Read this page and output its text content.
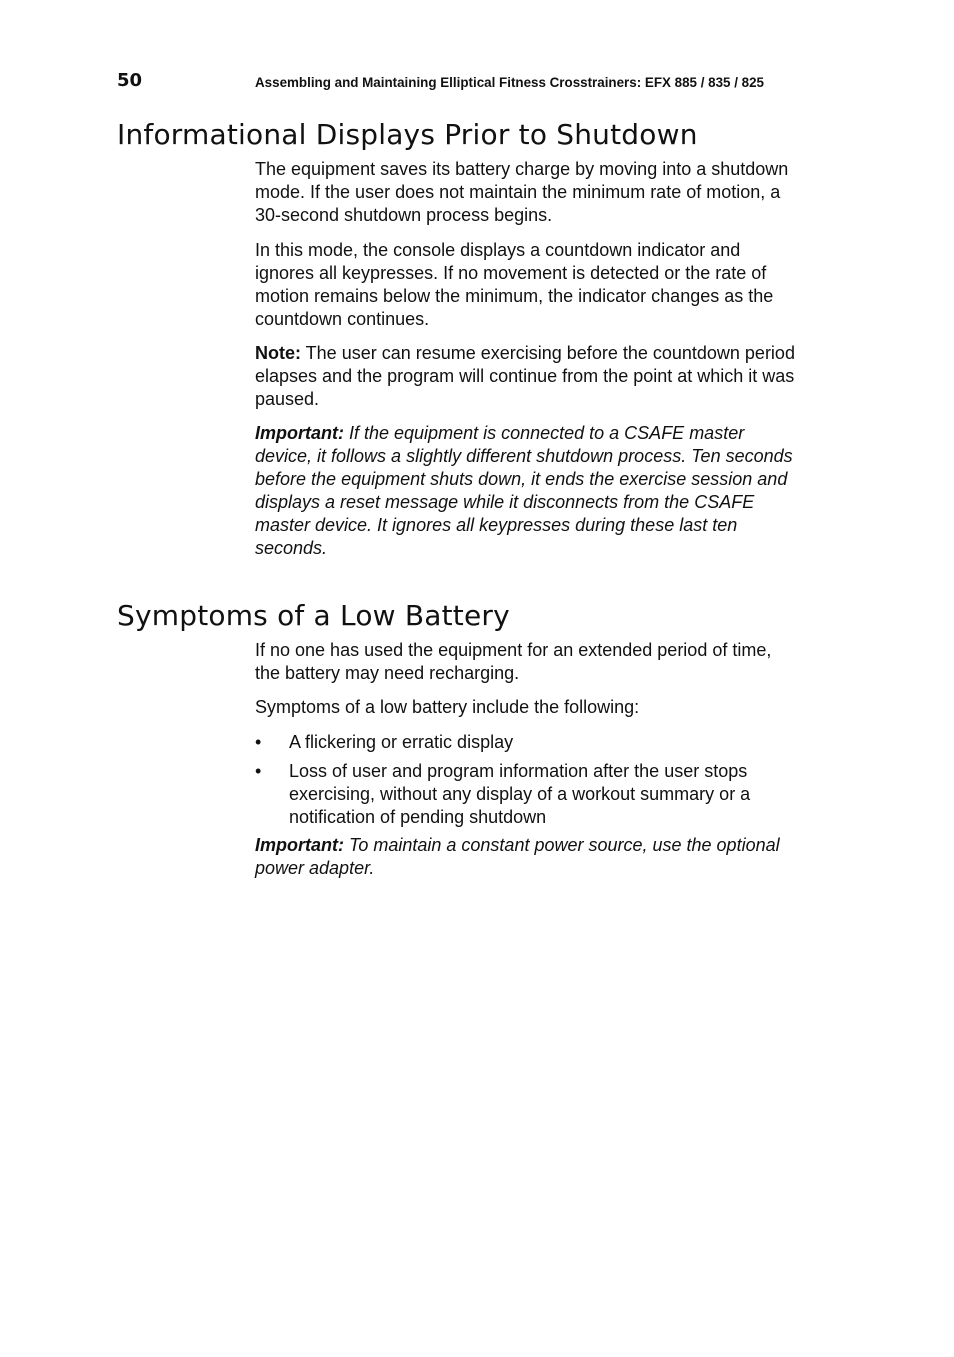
50	Assembling and Maintaining Elliptical Fitness Crosstrainers: EFX 885 / 835 / 825
Informational Displays Prior to Shutdown

The equipment saves its battery charge by moving into a shutdown mode. If the user does not maintain the minimum rate of motion, a 30-second shutdown process begins.

In this mode, the console displays a countdown indicator and ignores all keypresses. If no movement is detected or the rate of motion remains below the minimum, the indicator changes as the countdown continues.

Note: The user can resume exercising before the countdown period elapses and the program will continue from the point at which it was paused.

Important: If the equipment is connected to a CSAFE master device, it follows a slightly different shutdown process. Ten seconds before the equipment shuts down, it ends the exercise session and displays a reset message while it disconnects from the CSAFE master device. It ignores all keypresses during these last ten seconds.

Symptoms of a Low Battery

If no one has used the equipment for an extended period of time, the battery may need recharging.

Symptoms of a low battery include the following:

•	A flickering or erratic display
•	Loss of user and program information after the user stops exercising, without any display of a workout summary or a notification of pending shutdown

Important: To maintain a constant power source, use the optional power adapter.
